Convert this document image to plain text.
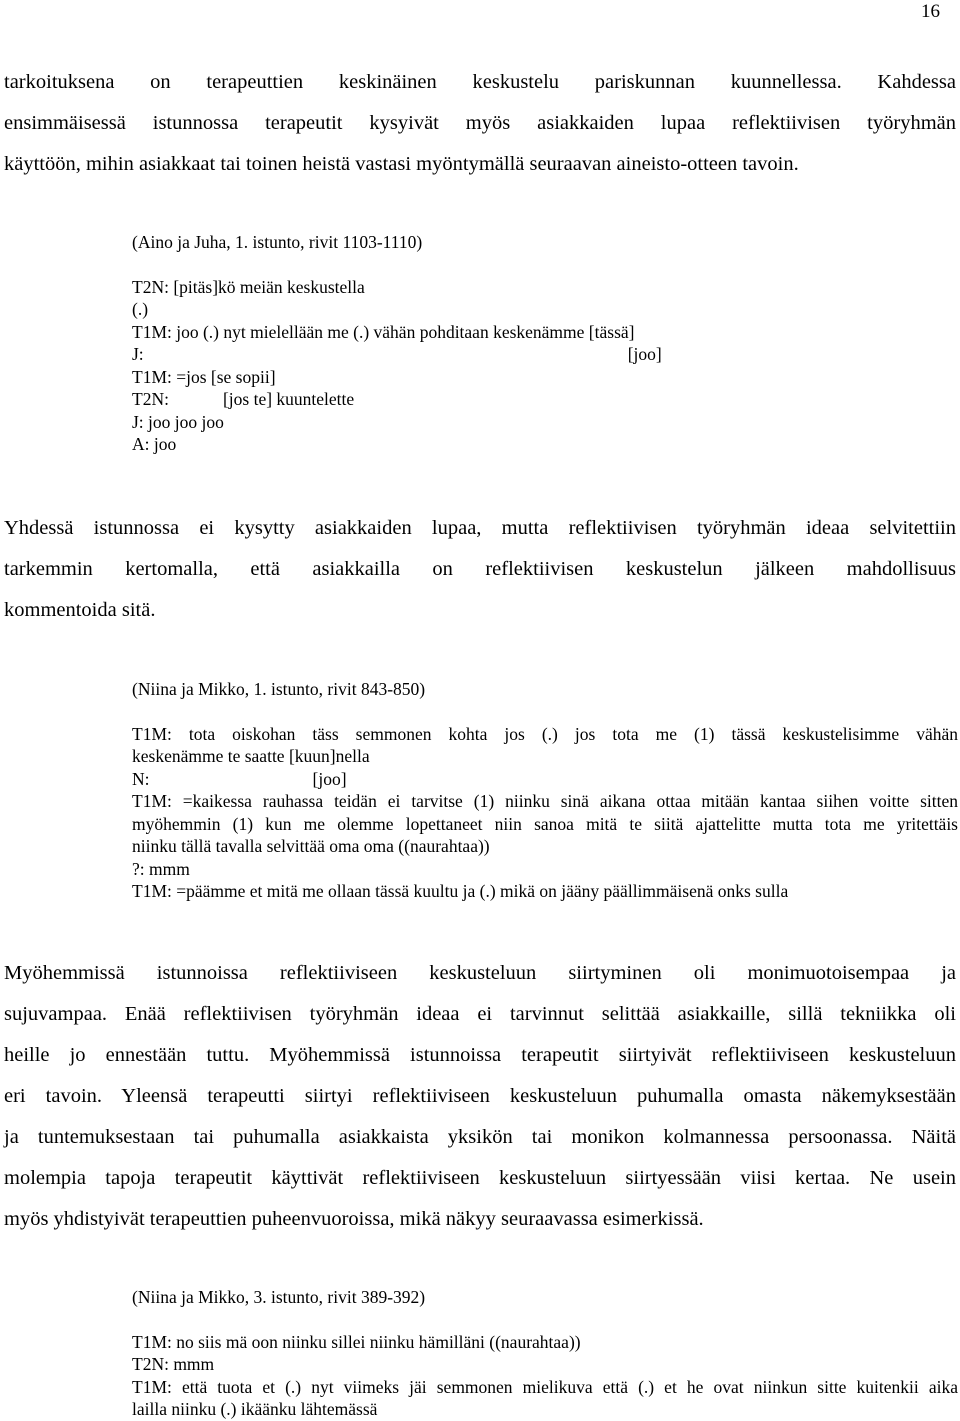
16
tarkoituksena on terapeuttien keskinäinen keskustelu pariskunnan kuunnellessa. Kahdessa
ensimmäisessä istunnossa terapeutit kysyivät myös asiakkaiden lupaa reflektiivisen työryhmän
käyttöön, mihin asiakkaat tai toinen heistä vastasi myöntymällä seuraavan aineisto-otteen tavoin.
(Aino ja Juha, 1. istunto, rivit 1103-1110)
T2N: [pitäs]kö meiän keskustella
(.)
T1M: joo (.) nyt mielellään me (.) vähän pohditaan keskenämme [tässä]
J:	[joo]
T1M: =jos [se sopii]
T2N:	[jos te] kuuntelette
J: joo joo joo
A: joo
Yhdessä istunnossa ei kysytty asiakkaiden lupaa, mutta reflektiivisen työryhmän ideaa selvitettiin
tarkemmin kertomalla, että asiakkailla on reflektiivisen keskustelun jälkeen mahdollisuus
kommentoida sitä.
(Niina ja Mikko, 1. istunto, rivit 843-850)
T1M: tota oiskohan täss semmonen kohta jos (.) jos tota me (1) tässä keskustelisimme vähän
keskenämme te saatte [kuun]nella
N:	[joo]
T1M: =kaikessa rauhassa teidän ei tarvitse (1) niinku sinä aikana ottaa mitään kantaa siihen voitte sitten
myöhemmin (1) kun me olemme lopettaneet niin sanoa mitä te siitä ajattelitte mutta tota me yritettäis
niinku tällä tavalla selvittää oma oma ((naurahtaa))
?: mmm
T1M: =päämme et mitä me ollaan tässä kuultu ja (.) mikä on jääny päällimmäisenä onks sulla
Myöhemmissä istunnoissa reflektiiviseen keskusteluun siirtyminen oli monimuotoisempaa ja
sujuvampaa. Enää reflektiivisen työryhmän ideaa ei tarvinnut selittää asiakkaille, sillä tekniikka oli
heille jo ennestään tuttu. Myöhemmissä istunnoissa terapeutit siirtyivät reflektiiviseen keskusteluun
eri tavoin. Yleensä terapeutti siirtyi reflektiiviseen keskusteluun puhumalla omasta näkemyksestään
ja tuntemuksestaan tai puhumalla asiakkaista yksikön tai monikon kolmannessa persoonassa. Näitä
molempia tapoja terapeutit käyttivät reflektiiviseen keskusteluun siirtyessään viisi kertaa. Ne usein
myös yhdistyivät terapeuttien puheenvuoroissa, mikä näkyy seuraavassa esimerkissä.
(Niina ja Mikko, 3. istunto, rivit 389-392)
T1M: no siis mä oon niinku sillei niinku hämilläni ((naurahtaa))
T2N: mmm
T1M: että tuota et (.) nyt viimeks jäi semmonen mielikuva että (.) et he ovat niinkun sitte kuitenkii aika
lailla niinku (.) ikäänku lähtemässä
